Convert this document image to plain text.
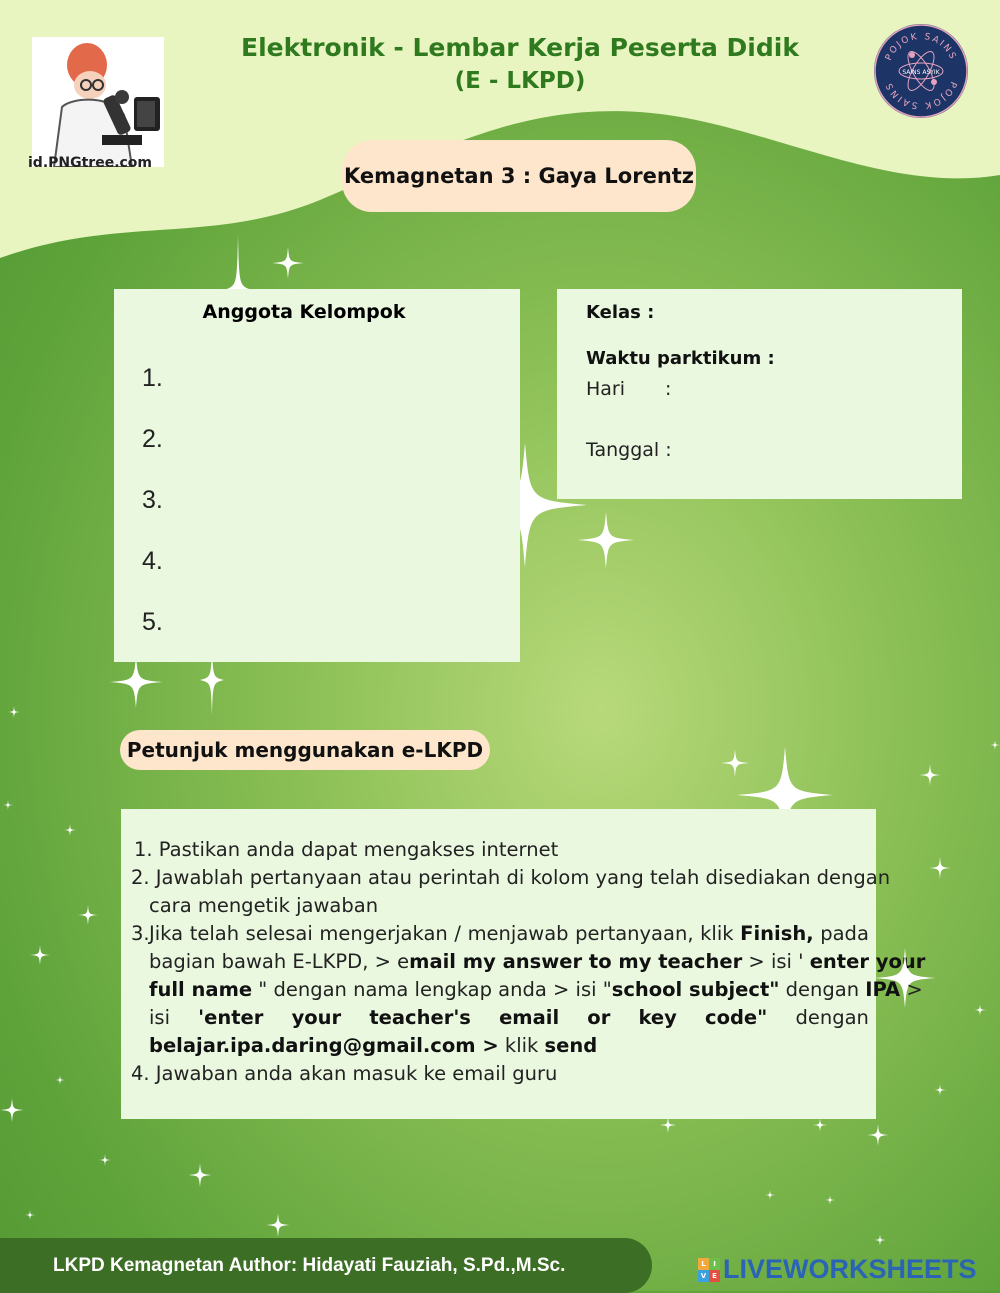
Elektronik - Lembar Kerja Peserta Didik
(E - LKPD)
id.PNGtree.com
POJOK SAINS
POJOK SAINS
SAINS ASYIK
Kemagnetan 3 : Gaya Lorentz
Anggota Kelompok
1.
2.
3.
4.
5.
Kelas :
Waktu parktikum :
Hari :
Tanggal :
Petunjuk menggunakan e-LKPD
1. Pastikan anda dapat mengakses internet
2. Jawablah pertanyaan atau perintah di kolom yang telah disediakan dengan
cara mengetik jawaban
3. Jika telah selesai mengerjakan / menjawab pertanyaan, klik Finish, pada
bagian bawah E-LKPD, > email my answer to my teacher > isi ' enter your
full name " dengan nama lengkap anda > isi "school subject" dengan IPA >
isi 'enter your teacher's email or key code" dengan
belajar.ipa.daring@gmail.com > klik send
4. Jawaban anda akan masuk ke email guru
LKPD Kemagnetan Author: Hidayati Fauziah, S.Pd.,M.Sc.	L	I
V E LIVEWORKSHEETS
